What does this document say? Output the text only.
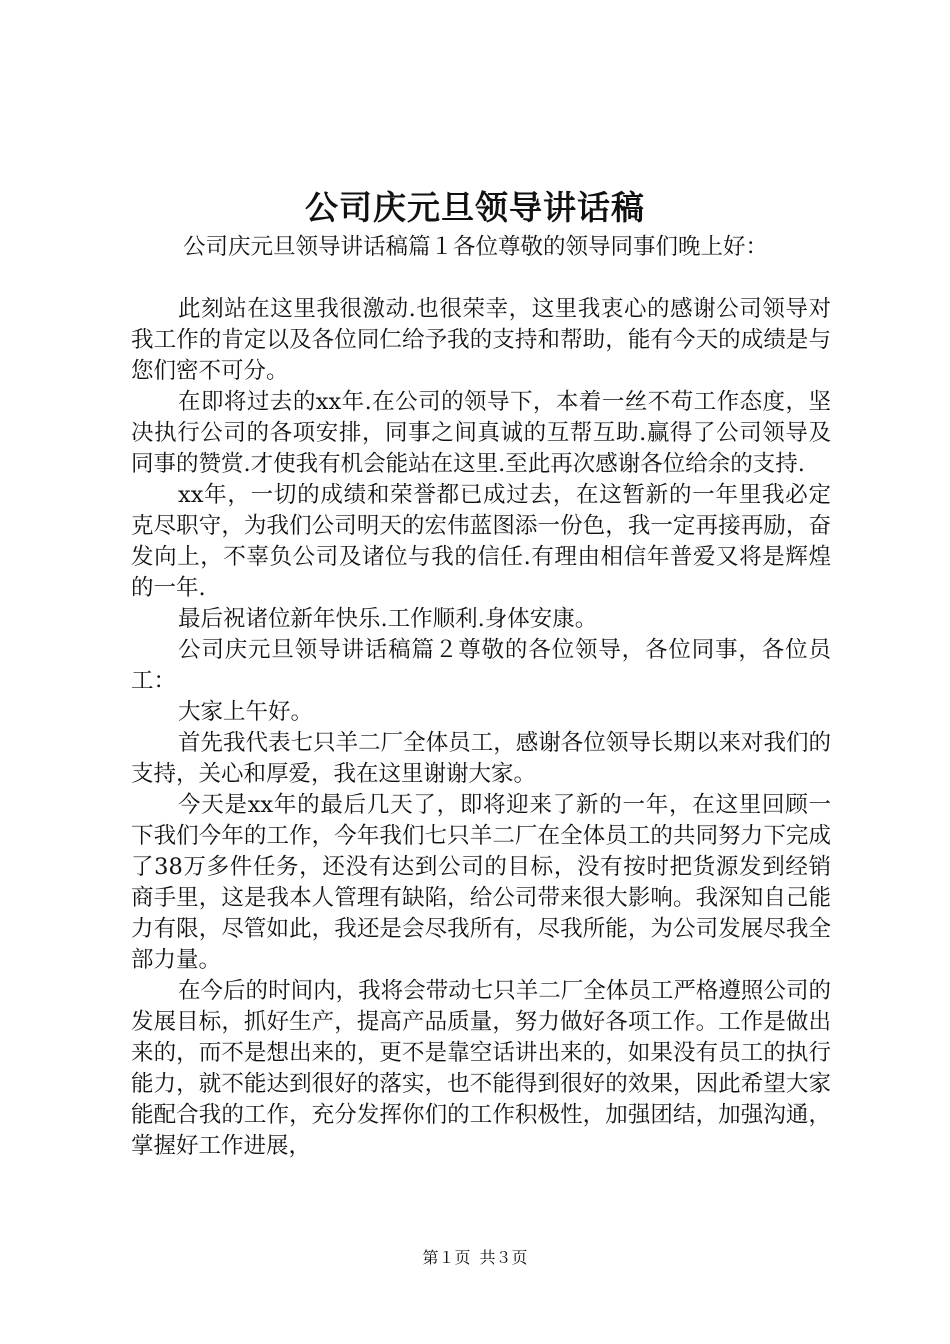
公司庆元旦领导讲话稿

公司庆元旦领导讲话稿篇１各位尊敬的领导同事们晚上好：

此刻站在这里我很激动.也很荣幸，这里我衷心的感谢公司领导对我工作的肯定以及各位同仁给予我的支持和帮助，能有今天的成绩是与您们密不可分。

在即将过去的xx年.在公司的领导下，本着一丝不苟工作态度，坚决执行公司的各项安排，同事之间真诚的互帮互助.赢得了公司领导及同事的赞赏.才使我有机会能站在这里.至此再次感谢各位给余的支持.

xx年，一切的成绩和荣誉都已成过去，在这暂新的一年里我必定克尽职守，为我们公司明天的宏伟蓝图添一份色，我一定再接再励，奋发向上，不辜负公司及诸位与我的信任.有理由相信年普爱又将是辉煌的一年.

最后祝诸位新年快乐.工作顺利.身体安康。

公司庆元旦领导讲话稿篇２尊敬的各位领导，各位同事，各位员工：

大家上午好。

首先我代表七只羊二厂全体员工，感谢各位领导长期以来对我们的支持，关心和厚爱，我在这里谢谢大家。

今天是xx年的最后几天了，即将迎来了新的一年，在这里回顾一下我们今年的工作，今年我们七只羊二厂在全体员工的共同努力下完成了38万多件任务，还没有达到公司的目标，没有按时把货源发到经销商手里，这是我本人管理有缺陷，给公司带来很大影响。我深知自己能力有限，尽管如此，我还是会尽我所有，尽我所能，为公司发展尽我全部力量。

在今后的时间内，我将会带动七只羊二厂全体员工严格遵照公司的发展目标，抓好生产，提高产品质量，努力做好各项工作。工作是做出来的，而不是想出来的，更不是靠空话讲出来的，如果没有员工的执行能力，就不能达到很好的落实，也不能得到很好的效果，因此希望大家能配合我的工作，充分发挥你们的工作积极性，加强团结，加强沟通，掌握好工作进展，

第１页 共３页
